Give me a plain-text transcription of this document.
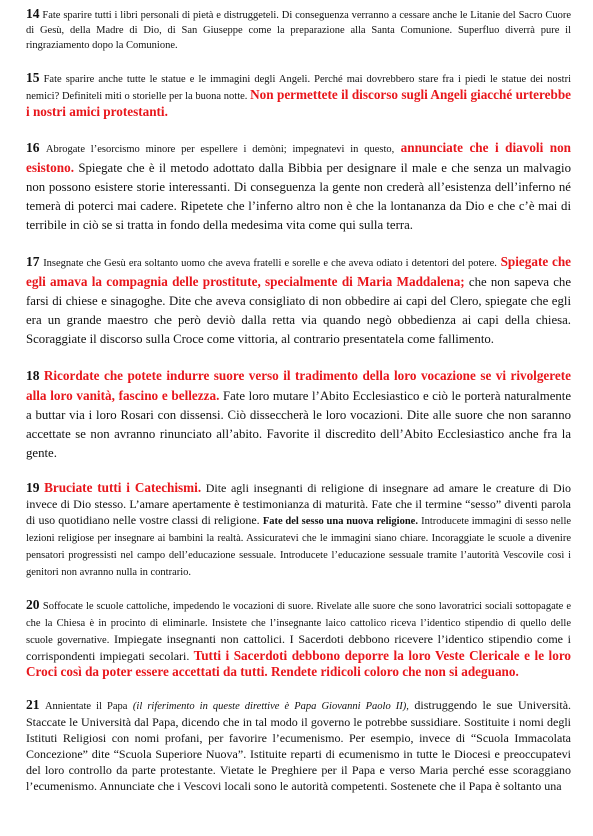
14 Fate sparire tutti i libri personali di pietà e distruggeteli. Di conseguenza verranno a cessare anche le Litanie del Sacro Cuore di Gesù, della Madre di Dio, di San Giuseppe come la preparazione alla Santa Comunione. Superfluo diverrà pure il ringraziamento dopo la Comunione.

15 Fate sparire anche tutte le statue e le immagini degli Angeli. Perché mai dovrebbero stare fra i piedi le statue dei nostri nemici? Definiteli miti o storielle per la buona notte. Non permettete il discorso sugli Angeli giacché urterebbe i nostri amici protestanti.

16 Abrogate l’esorcismo minore per espellere i demòni; impegnatevi in questo, annunciate che i diavoli non esistono. Spiegate che è il metodo adottato dalla Bibbia per designare il male e che senza un malvagio non possono esistere storie interessanti. Di conseguenza la gente non crederà all’esistenza dell’inferno né temerà di poterci mai cadere. Ripetete che l’inferno altro non è che la lontananza da Dio e che c’è mai di terribile in ciò se si tratta in fondo della medesima vita come qui sulla terra.

17 Insegnate che Gesù era soltanto uomo che aveva fratelli e sorelle e che aveva odiato i detentori del potere. Spiegate che egli amava la compagnia delle prostitute, specialmente di Maria Maddalena; che non sapeva che farsi di chiese e sinagoghe. Dite che aveva consigliato di non obbedire ai capi del Clero, spiegate che egli era un grande maestro che però deviò dalla retta via quando negò obbedienza ai capi della chiesa. Scoraggiate il discorso sulla Croce come vittoria, al contrario presentatela come fallimento.

18 Ricordate che potete indurre suore verso il tradimento della loro vocazione se vi rivolgerete alla loro vanità, fascino e bellezza. Fate loro mutare l’Abito Ecclesiastico e ciò le porterà naturalmente a buttar via i loro Rosari con dissensi. Ciò disseccherà le loro vocazioni. Dite alle suore che non saranno accettate se non avranno rinunciato all’abito. Favorite il discredito dell’Abito Ecclesiastico anche fra la gente.

19 Bruciate tutti i Catechismi. Dite agli insegnanti di religione di insegnare ad amare le creature di Dio invece di Dio stesso. L’amare apertamente è testimonianza di maturità. Fate che il termine “sesso” diventi parola di uso quotidiano nelle vostre classi di religione. Fate del sesso una nuova religione. Introducete immagini di sesso nelle lezioni religiose per insegnare ai bambini la realtà. Assicuratevi che le immagini siano chiare. Incoraggiate le scuole a divenire pensatori progressisti nel campo dell’educazione sessuale. Introducete l’educazione sessuale tramite l’autorità Vescovile così i genitori non avranno nulla in contrario.

20 Soffocate le scuole cattoliche, impedendo le vocazioni di suore. Rivelate alle suore che sono lavoratrici sociali sottopagate e che la Chiesa è in procinto di eliminarle. Insistete che l’insegnante laico cattolico riceva l’identico stipendio di quello delle scuole governative. Impiegate insegnanti non cattolici. I Sacerdoti debbono ricevere l’identico stipendio come i corrispondenti impiegati secolari. Tutti i Sacerdoti debbono deporre la loro Veste Clericale e le loro Croci così da poter essere accettati da tutti. Rendete ridicoli coloro che non si adeguano.

21 Annientate il Papa (il riferimento in queste direttive è Papa Giovanni Paolo II), distruggendo le sue Università. Staccate le Università dal Papa, dicendo che in tal modo il governo le potrebbe sussidiare. Sostituite i nomi degli Istituti Religiosi con nomi profani, per favorire l’ecumenismo. Per esempio, invece di “Scuola Immacolata Concezione” dite “Scuola Superiore Nuova”. Istituite reparti di ecumenismo in tutte le Diocesi e preoccupatevi del loro controllo da parte protestante. Vietate le Preghiere per il Papa e verso Maria perché esse scoraggiano l’ecumenismo. Annunciate che i Vescovi locali sono le autorità competenti. Sostenete che il Papa è soltanto una
